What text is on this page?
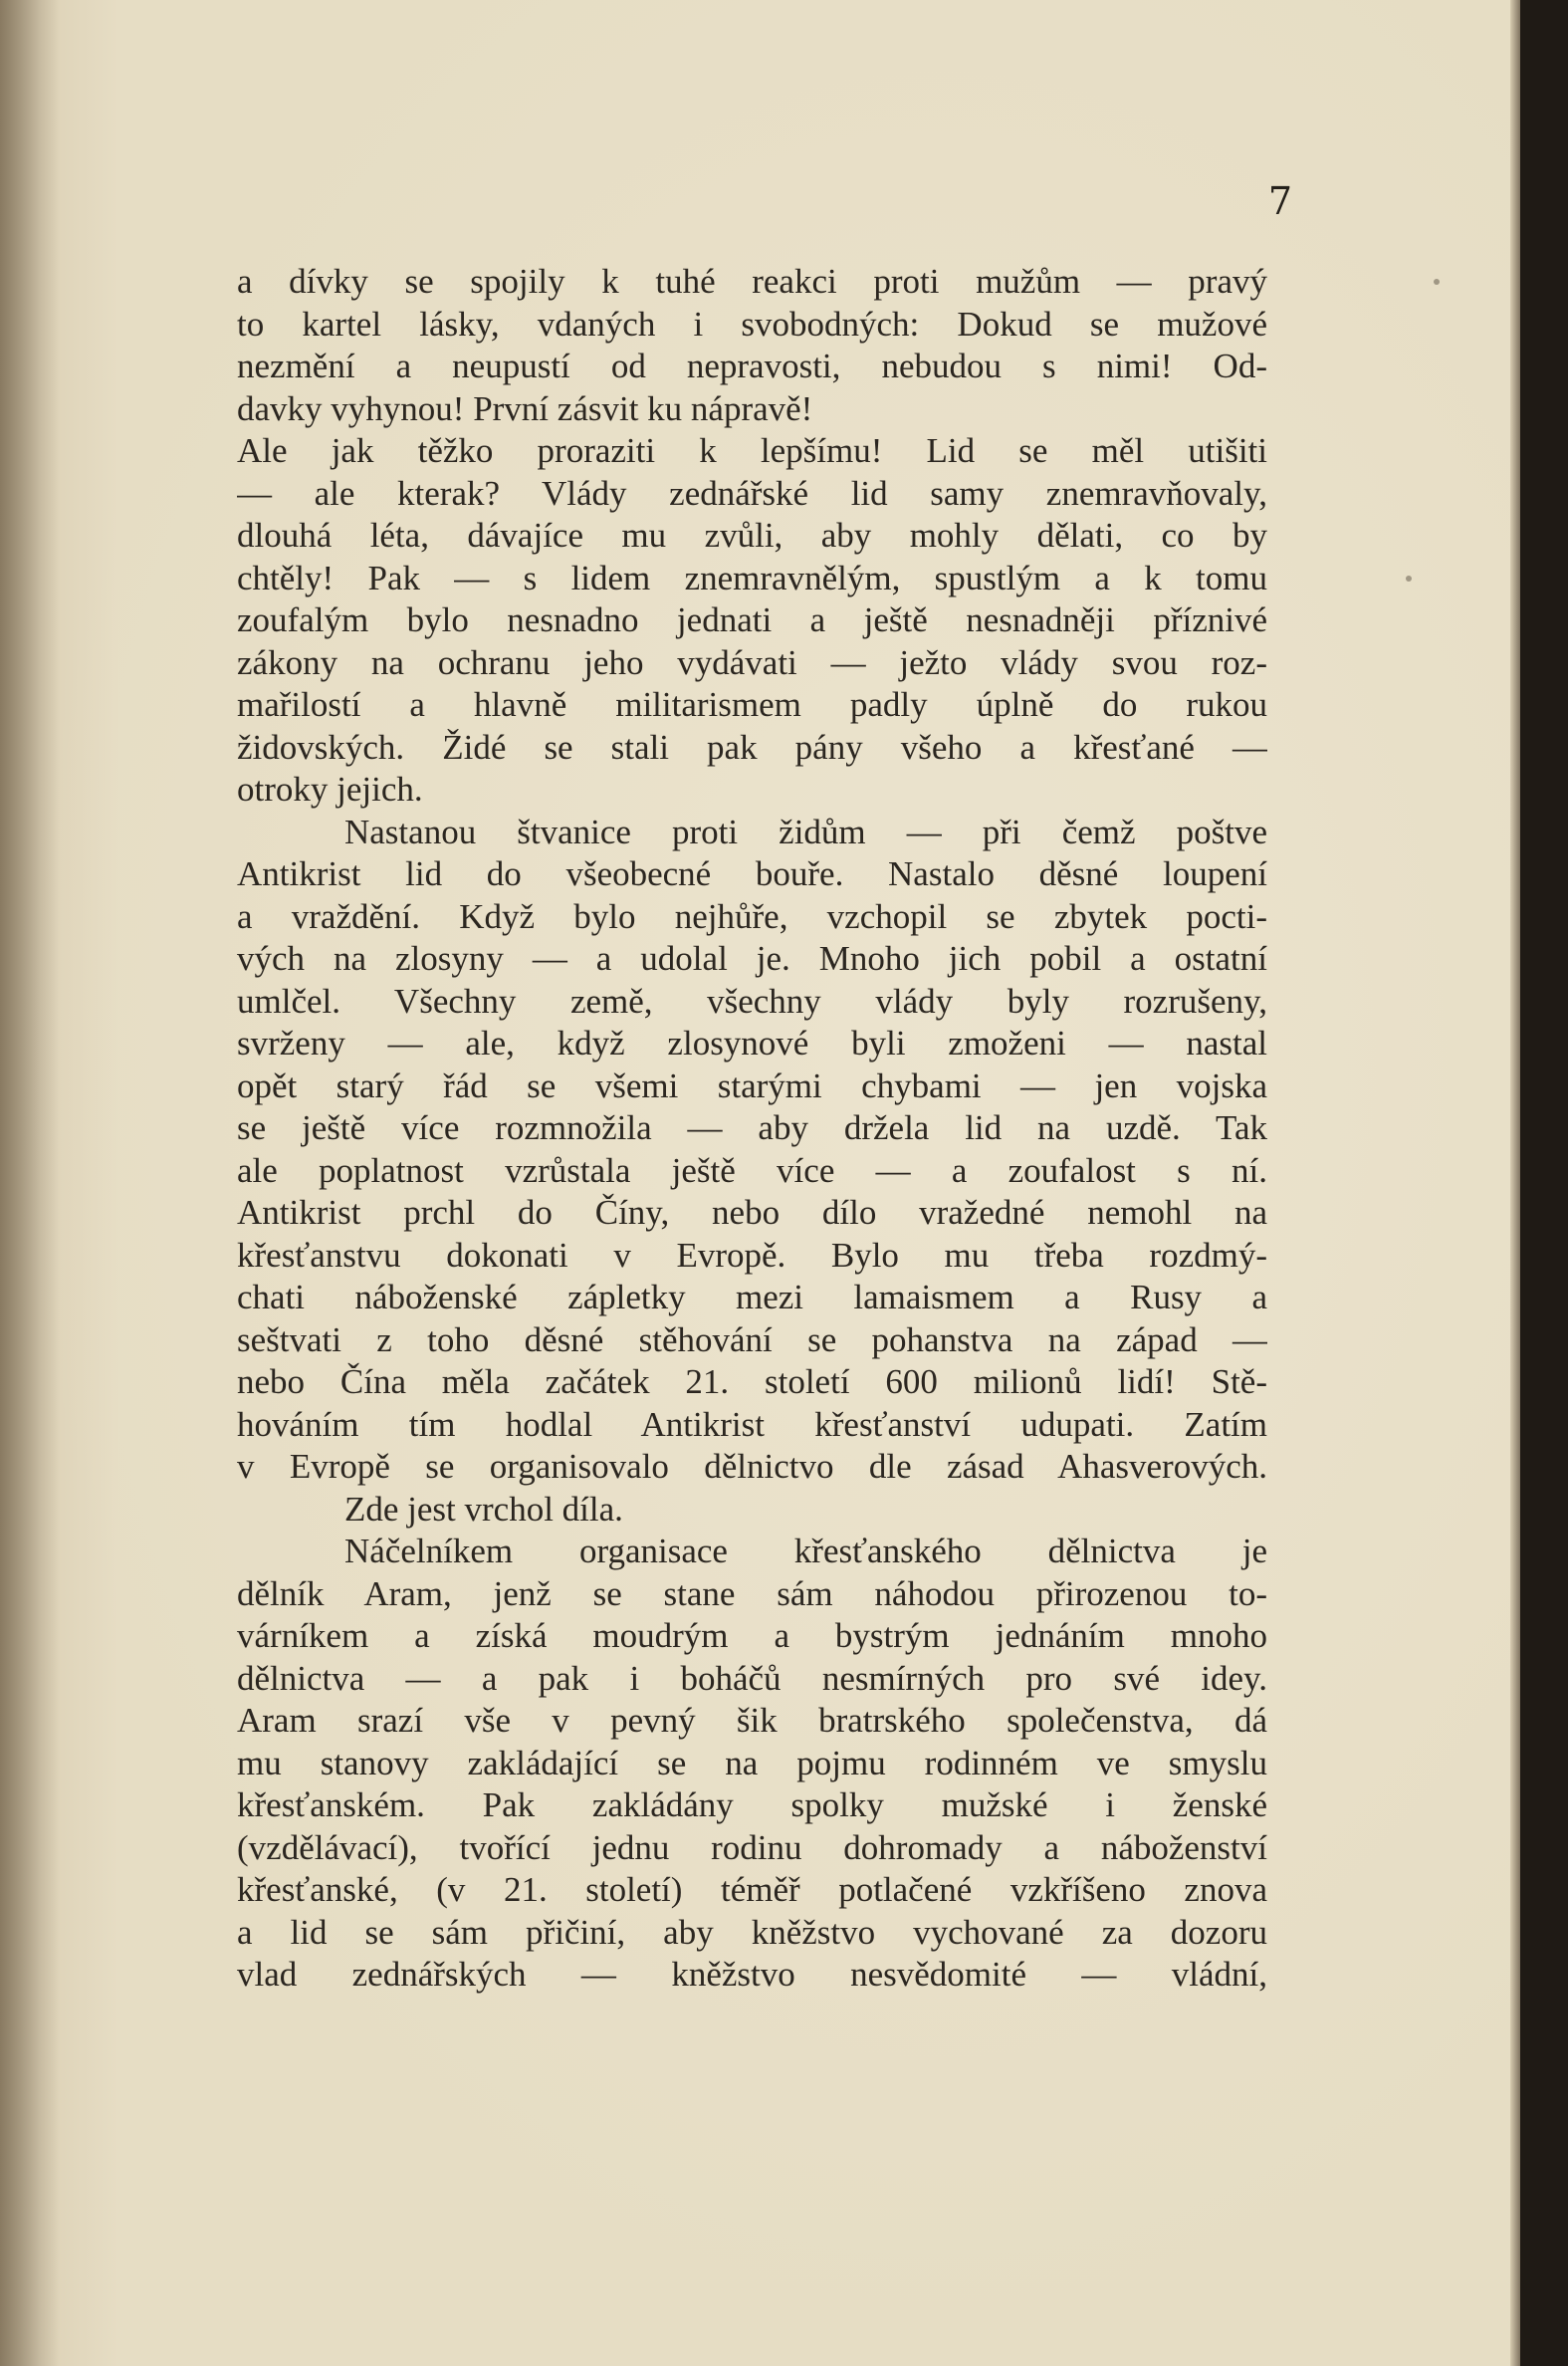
7
a dívky se spojily k tuhé reakci proti mužům — pravý
to kartel lásky, vdaných i svobodných: Dokud se mužové
nezmění a neupustí od nepravosti, nebudou s nimi! Od-
davky vyhynou! První zásvit ku nápravě!
Ale jak těžko proraziti k lepšímu! Lid se měl utišiti
— ale kterak? Vlády zednářské lid samy znemravňovaly,
dlouhá léta, dávajíce mu zvůli, aby mohly dělati, co by
chtěly! Pak — s lidem znemravnělým, spustlým a k tomu
zoufalým bylo nesnadno jednati a ještě nesnadněji příznivé
zákony na ochranu jeho vydávati — ježto vlády svou roz-
mařilostí a hlavně militarismem padly úplně do rukou
židovských. Židé se stali pak pány všeho a křesťané —
otroky jejich.
Nastanou štvanice proti židům — při čemž poštve
Antikrist lid do všeobecné bouře. Nastalo děsné loupení
a vraždění. Když bylo nejhůře, vzchopil se zbytek pocti-
vých na zlosyny — a udolal je. Mnoho jich pobil a ostatní
umlčel. Všechny země, všechny vlády byly rozrušeny,
svrženy — ale, když zlosynové byli zmoženi — nastal
opět starý řád se všemi starými chybami — jen vojska
se ještě více rozmnožila — aby držela lid na uzdě. Tak
ale poplatnost vzrůstala ještě více — a zoufalost s ní.
Antikrist prchl do Číny, nebo dílo vražedné nemohl na
křesťanstvu dokonati v Evropě. Bylo mu třeba rozdmý-
chati náboženské zápletky mezi lamaismem a Rusy a
seštvati z toho děsné stěhování se pohanstva na západ —
nebo Čína měla začátek 21. století 600 milionů lidí! Stě-
hováním tím hodlal Antikrist křesťanství udupati. Zatím
v Evropě se organisovalo dělnictvo dle zásad Ahasverových.
Zde jest vrchol díla.
Náčelníkem organisace křesťanského dělnictva je
dělník Aram, jenž se stane sám náhodou přirozenou to-
várníkem a získá moudrým a bystrým jednáním mnoho
dělnictva — a pak i boháčů nesmírných pro své idey.
Aram srazí vše v pevný šik bratrského společenstva, dá
mu stanovy zakládající se na pojmu rodinném ve smyslu
křesťanském. Pak zakládány spolky mužské i ženské
(vzdělávací), tvořící jednu rodinu dohromady a náboženství
křesťanské, (v 21. století) téměř potlačené vzkříšeno znova
a lid se sám přičiní, aby kněžstvo vychované za dozoru
vlad zednářských — kněžstvo nesvědomité — vládní,
